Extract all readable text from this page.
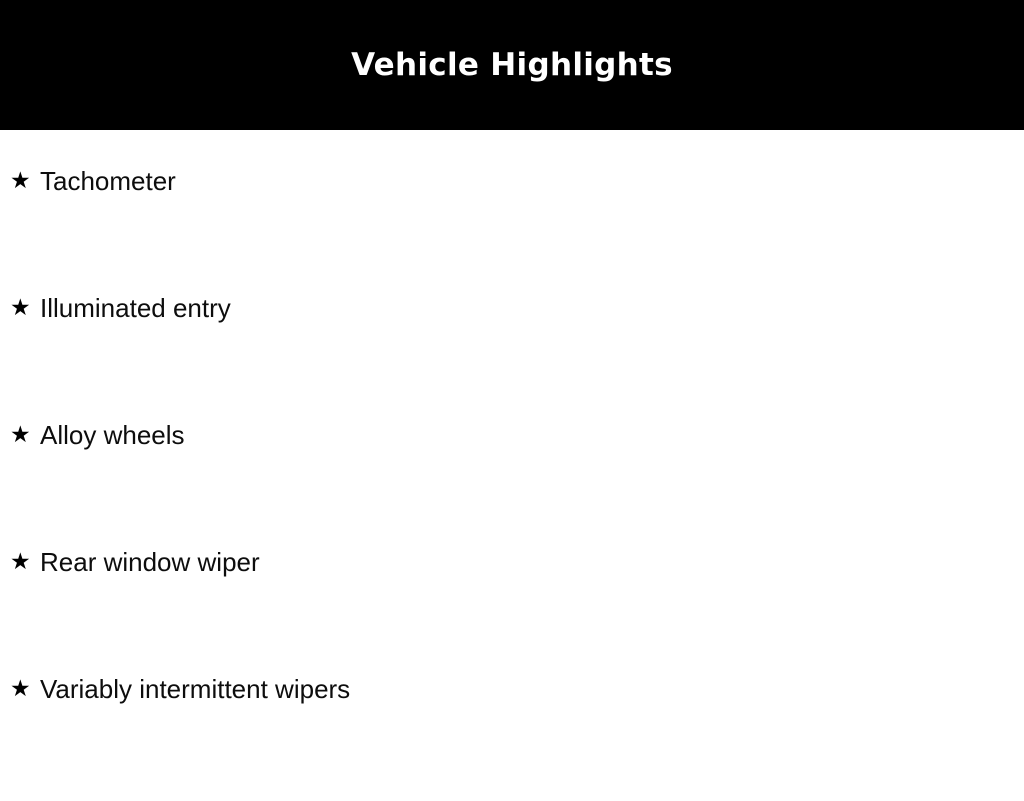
Vehicle Highlights
★ Tachometer
★ Illuminated entry
★ Alloy wheels
★ Rear window wiper
★ Variably intermittent wipers
